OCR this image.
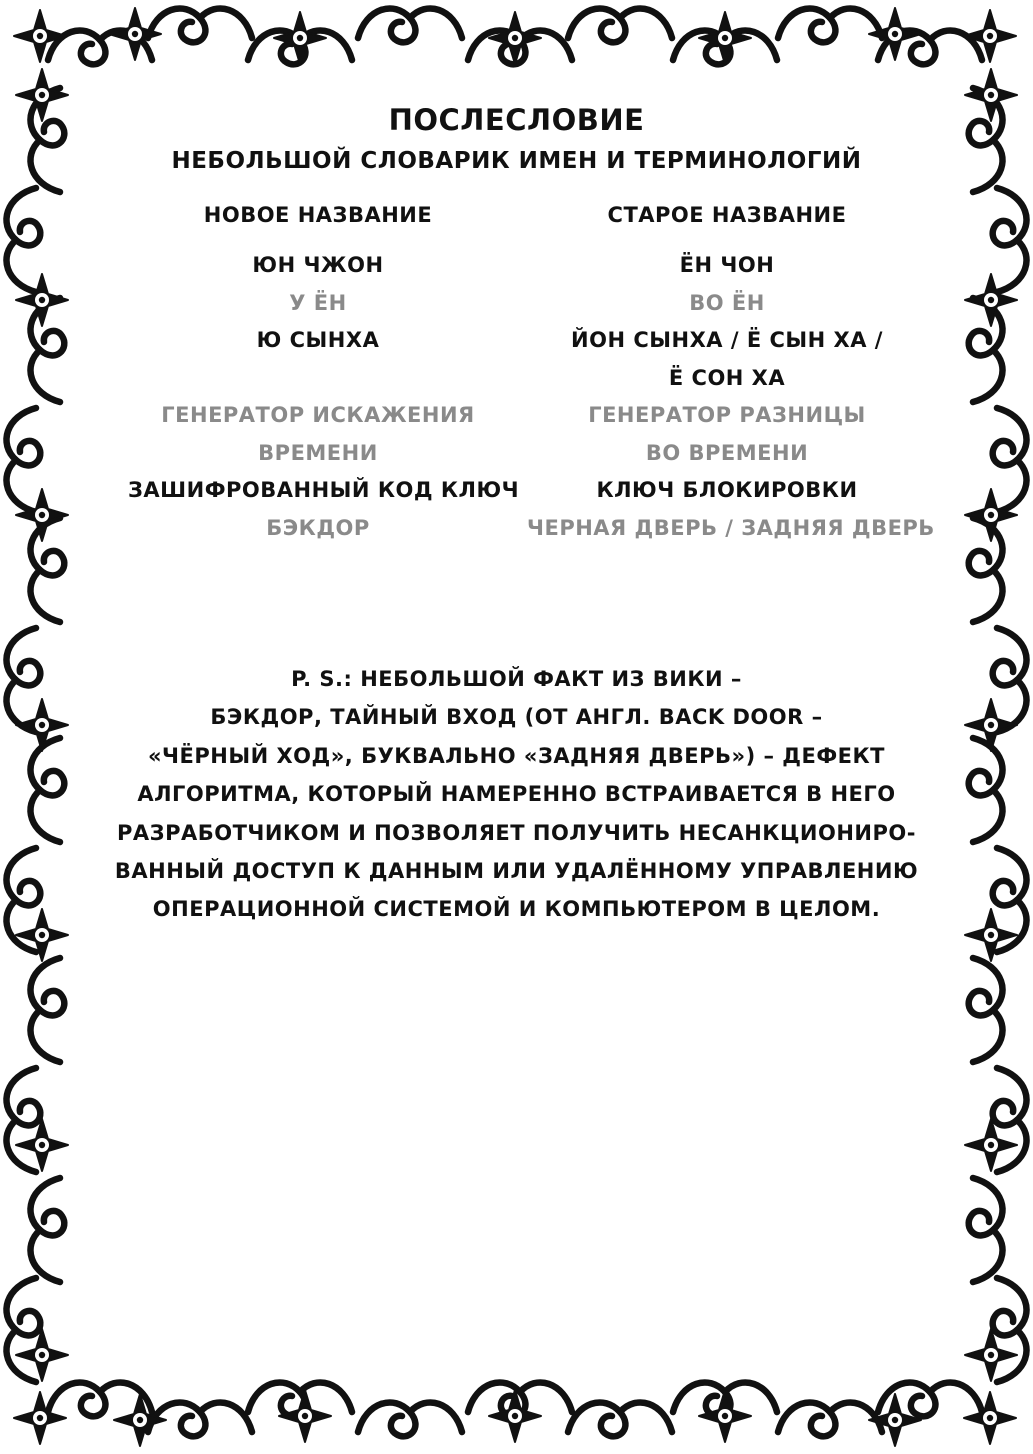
ПОСЛЕСЛОВИЕ
НЕБОЛЬШОЙ СЛОВАРИК ИМЕН И ТЕРМИНОЛОГИЙ
НОВОЕ НАЗВАНИЕ	СТАРОЕ НАЗВАНИЕ
ЮН ЧЖОН	ЁН ЧОН
У ЁН	ВО ЁН
Ю СЫНХА	ЙОН СЫНХА / Ё СЫН ХА /
Ё СОН ХА
ГЕНЕРАТОР ИСКАЖЕНИЯ	ГЕНЕРАТОР РАЗНИЦЫ
ВРЕМЕНИ	ВО ВРЕМЕНИ
ЗАШИФРОВАННЫЙ КОД КЛЮЧ	КЛЮЧ БЛОКИРОВКИ
БЭКДОР	ЧЕРНАЯ ДВЕРЬ / ЗАДНЯЯ ДВЕРЬ
P. S.: НЕБОЛЬШОЙ ФАКТ ИЗ ВИКИ –
БЭКДОР, ТАЙНЫЙ ВХОД (ОТ АНГЛ. BACK DOOR –
«ЧЁРНЫЙ ХОД», БУКВАЛЬНО «ЗАДНЯЯ ДВЕРЬ») – ДЕФЕКТ
АЛГОРИТМА, КОТОРЫЙ НАМЕРЕННО ВСТРАИВАЕТСЯ В НЕГО
РАЗРАБОТЧИКОМ И ПОЗВОЛЯЕТ ПОЛУЧИТЬ НЕСАНКЦИОНИРО-
ВАННЫЙ ДОСТУП К ДАННЫМ ИЛИ УДАЛЁННОМУ УПРАВЛЕНИЮ
ОПЕРАЦИОННОЙ СИСТЕМОЙ И КОМПЬЮТЕРОМ В ЦЕЛОМ.
